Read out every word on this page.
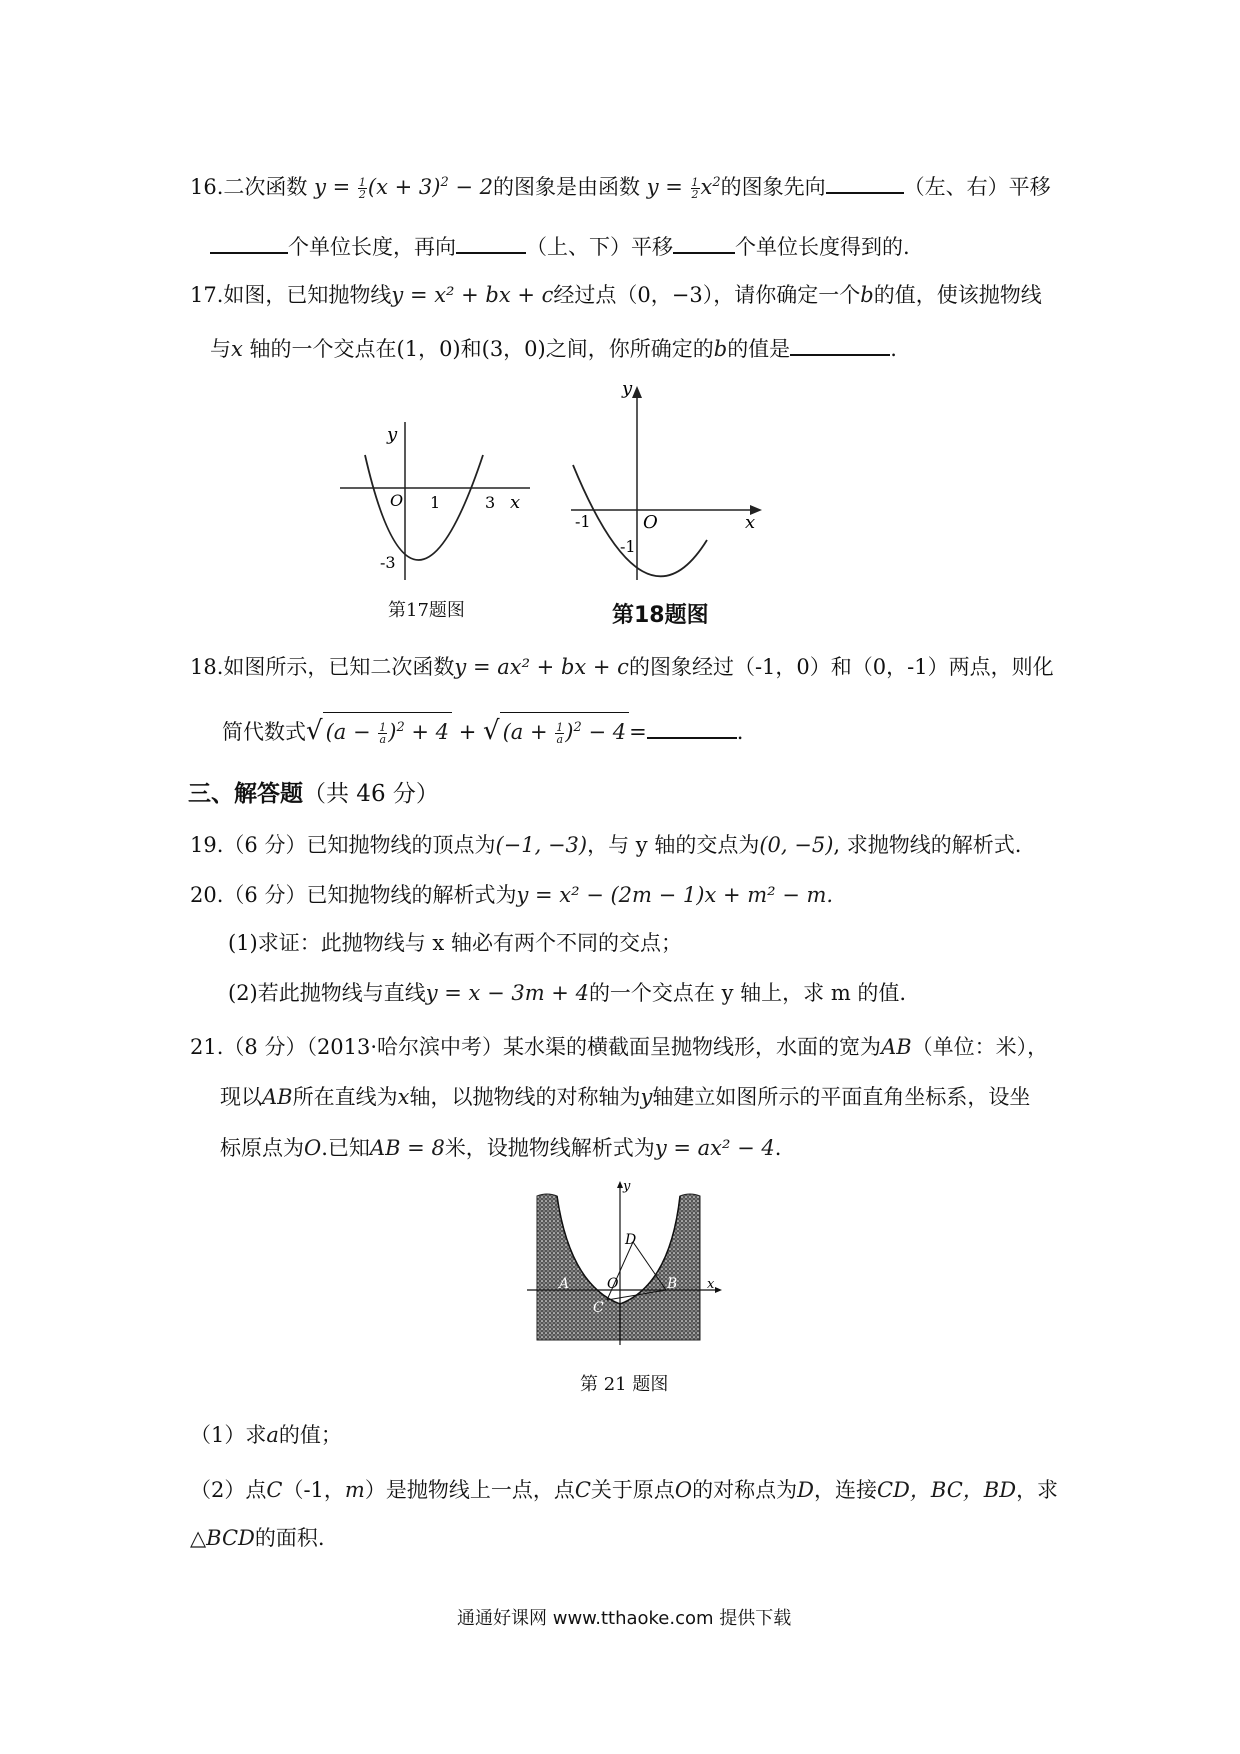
16.二次函数 $y = \frac{1}{2} (x + 3)^2 - 2$的图象是由函数 $y = \frac{1}{2} x^2$的图象先向	（左、右）平移
个单位长度，再向	（上、下）平移	个单位长度得到的.
17.如图，已知抛物线y = x² + bx + c经过点（0，−3），请你确定一个b的值，使该抛物线
与x 轴的一个交点在(1，0)和(3，0)之间，你所确定的b的值是	.
y
O 1	3 x
-3
第17题图
y
-1	O	x
-1
第18题图
18.如图所示，已知二次函数y = ax² + bx + c的图象经过（-1，0）和（0，-1）两点，则化
简代数式√ $(a - \frac{1}{a} )^2 + 4$ + √ $(a + \frac{1}{a} )^2 - 4$ =	.
三、解答题（共 46 分）
19.（6 分）已知抛物线的顶点为(−1, −3)，与 y 轴的交点为(0, −5), 求抛物线的解析式.
20.（6 分）已知抛物线的解析式为y = x² − (2m − 1)x + m² − m.
(1)求证：此抛物线与 x 轴必有两个不同的交点；
(2)若此抛物线与直线y = x − 3m + 4的一个交点在 y 轴上，求 m 的值.
21.（8 分）（2013·哈尔滨中考）某水渠的横截面呈抛物线形，水面的宽为AB（单位：米），
现以AB所在直线为x轴，以抛物线的对称轴为y轴建立如图所示的平面直角坐标系，设坐
标原点为O.已知AB = 8米，设抛物线解析式为y = ax² − 4.
y
D
A	O	B x
C
第 21 题图
（1）求a的值；
（2）点C（-1，m）是抛物线上一点，点C关于原点O的对称点为D，连接CD，BC，BD，求
△BCD的面积.
通通好课网 www.tthaoke.com 提供下载
